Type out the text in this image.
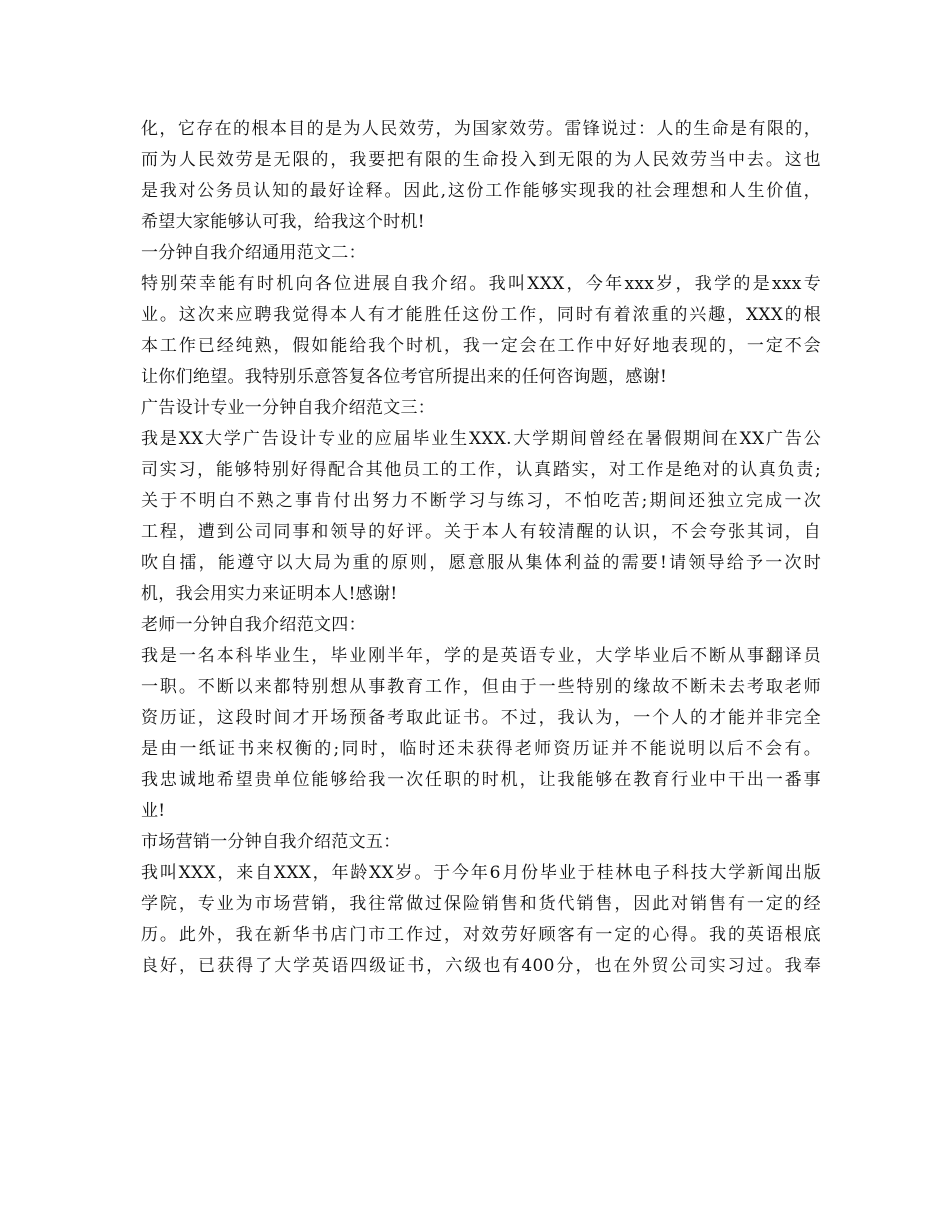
化，它存在的根本目的是为人民效劳，为国家效劳。雷锋说过：人的生命是有限的，
而为人民效劳是无限的，我要把有限的生命投入到无限的为人民效劳当中去。这也
是我对公务员认知的最好诠释。因此,这份工作能够实现我的社会理想和人生价值，
希望大家能够认可我，给我这个时机!
一分钟自我介绍通用范文二：
特别荣幸能有时机向各位进展自我介绍。我叫XXX，今年xxx岁，我学的是xxx专
业。这次来应聘我觉得本人有才能胜任这份工作，同时有着浓重的兴趣，XXX的根
本工作已经纯熟，假如能给我个时机，我一定会在工作中好好地表现的，一定不会
让你们绝望。我特别乐意答复各位考官所提出来的任何咨询题，感谢!
广告设计专业一分钟自我介绍范文三：
我是XX大学广告设计专业的应届毕业生XXX.大学期间曾经在暑假期间在XX广告公
司实习，能够特别好得配合其他员工的工作，认真踏实，对工作是绝对的认真负责;
关于不明白不熟之事肯付出努力不断学习与练习，不怕吃苦;期间还独立完成一次
工程，遭到公司同事和领导的好评。关于本人有较清醒的认识，不会夸张其词，自
吹自擂，能遵守以大局为重的原则，愿意服从集体利益的需要!请领导给予一次时
机，我会用实力来证明本人!感谢!
老师一分钟自我介绍范文四：
我是一名本科毕业生，毕业刚半年，学的是英语专业，大学毕业后不断从事翻译员
一职。不断以来都特别想从事教育工作，但由于一些特别的缘故不断未去考取老师
资历证，这段时间才开场预备考取此证书。不过，我认为，一个人的才能并非完全
是由一纸证书来权衡的;同时，临时还未获得老师资历证并不能说明以后不会有。
我忠诚地希望贵单位能够给我一次任职的时机，让我能够在教育行业中干出一番事
业!
市场营销一分钟自我介绍范文五：
我叫XXX，来自XXX，年龄XX岁。于今年6月份毕业于桂林电子科技大学新闻出版
学院，专业为市场营销，我往常做过保险销售和货代销售，因此对销售有一定的经
历。此外，我在新华书店门市工作过，对效劳好顾客有一定的心得。我的英语根底
良好，已获得了大学英语四级证书，六级也有400分，也在外贸公司实习过。我奉
